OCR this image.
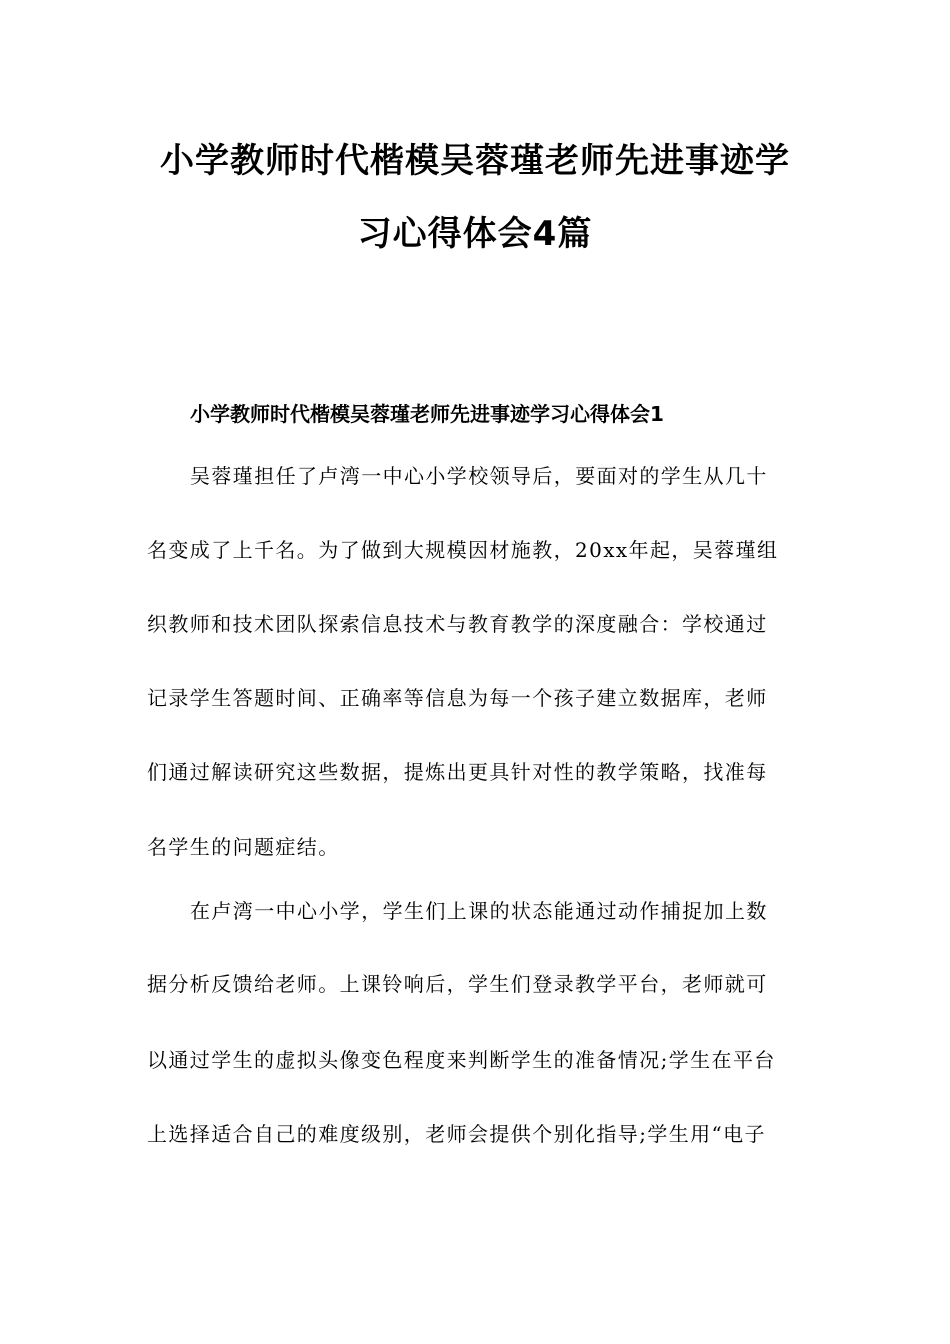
小学教师时代楷模吴蓉瑾老师先进事迹学
习心得体会4篇
小学教师时代楷模吴蓉瑾老师先进事迹学习心得体会1
吴蓉瑾担任了卢湾一中心小学校领导后，要面对的学生从几十
名变成了上千名。为了做到大规模因材施教，20xx年起，吴蓉瑾组
织教师和技术团队探索信息技术与教育教学的深度融合：学校通过
记录学生答题时间、正确率等信息为每一个孩子建立数据库，老师
们通过解读研究这些数据，提炼出更具针对性的教学策略，找准每
名学生的问题症结。
在卢湾一中心小学，学生们上课的状态能通过动作捕捉加上数
据分析反馈给老师。上课铃响后，学生们登录教学平台，老师就可
以通过学生的虚拟头像变色程度来判断学生的准备情况;学生在平台
上选择适合自己的难度级别，老师会提供个别化指导;学生用“电子
